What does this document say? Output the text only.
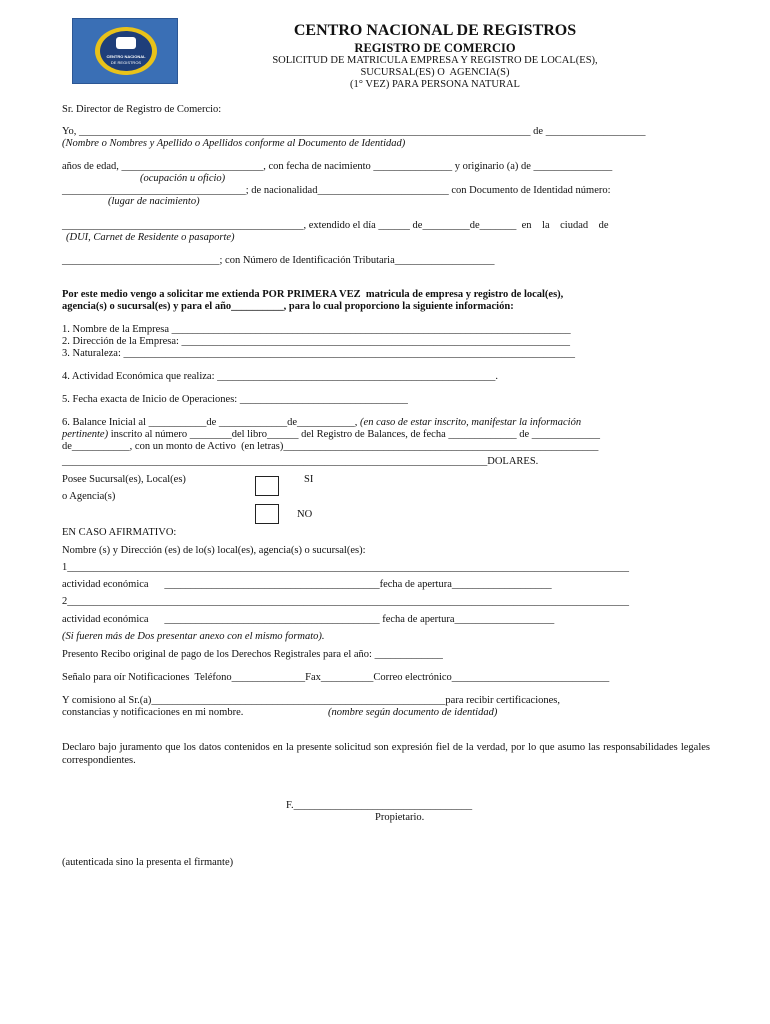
CENTRO NACIONAL
DE REGISTROS
CENTRO NACIONAL DE REGISTROS
REGISTRO DE COMERCIO
SOLICITUD DE MATRICULA EMPRESA Y REGISTRO DE LOCAL(ES),
SUCURSAL(ES) O  AGENCIA(S)
(1° VEZ) PARA PERSONA NATURAL
Sr. Director de Registro de Comercio:
Yo, ______________________________________________________________________________________ de ___________________
(Nombre o Nombres y Apellido o Apellidos conforme al Documento de Identidad)
años de edad, ___________________________, con fecha de nacimiento _______________ y originario (a) de _______________
(ocupación u oficio)
___________________________________; de nacionalidad_________________________ con Documento de Identidad número:
(lugar de nacimiento)
______________________________________________, extendido el día ______ de_________de_______  en    la    ciudad    de
(DUI, Carnet de Residente o pasaporte)
______________________________; con Número de Identificación Tributaria___________________
Por este medio vengo a solicitar me extienda POR PRIMERA VEZ  matricula de empresa y registro de local(es),
agencia(s) o sucursal(es) y para el año__________, para lo cual proporciono la siguiente información:
1. Nombre de la Empresa ____________________________________________________________________________
2. Dirección de la Empresa: __________________________________________________________________________
3. Naturaleza: ______________________________________________________________________________________
4. Actividad Económica que realiza: _____________________________________________________.
5. Fecha exacta de Inicio de Operaciones: ________________________________
6. Balance Inicial al ___________de _____________de___________, (en caso de estar inscrito, manifestar la información
pertinente) inscrito al número ________del libro______ del Registro de Balances, de fecha _____________ de _____________
de___________, con un monto de Activo  (en letras)____________________________________________________________
_________________________________________________________________________________DOLARES.
Posee Sucursal(es), Local(es)
o Agencia(s)
SI
NO
EN CASO AFIRMATIVO:
Nombre (s) y Dirección (es) de lo(s) local(es), agencia(s) o sucursal(es):
1___________________________________________________________________________________________________________
actividad económica      _________________________________________fecha de apertura___________________
2___________________________________________________________________________________________________________
actividad económica      _________________________________________ fecha de apertura___________________
(Si fueren más de Dos presentar anexo con el mismo formato).
Presento Recibo original de pago de los Derechos Registrales para el año: _____________
Señalo para oír Notificaciones  Teléfono______________Fax__________Correo electrónico______________________________
Y comisiono al Sr.(a)________________________________________________________para recibir certificaciones,
constancias y notificaciones en mi nombre.	(nombre según documento de identidad)
Declaro bajo juramento que los datos contenidos en la presente solicitud son expresión fiel de la verdad, por lo que asumo las responsabilidades legales correspondientes.
F.__________________________________
Propietario.
(autenticada sino la presenta el firmante)
